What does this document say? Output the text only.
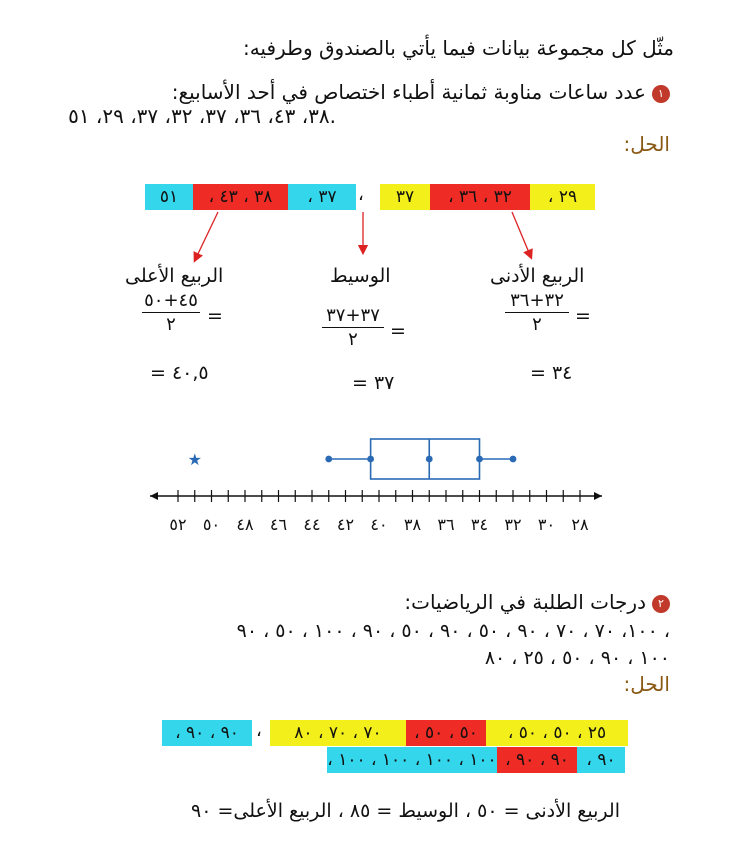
مثّل كل مجموعة بيانات فيما يأتي بالصندوق وطرفيه:
١عدد ساعات مناوبة ثمانية أطباء اختصاص في أحد الأسابيع:
٣٨، ٤٣، ٣٦، ٣٧، ٣٢، ٣٧، ٢٩، ٥١.
الحل:
٥١	٣٨ ، ٤٣ ،	٣٧ ،	،	٣٧	٣٢ ، ٣٦ ،	٢٩ ،
الربيع الأعلى	الوسيط	الربيع الأدنى
٤٥+٥٠
٢	=	٣٧+٣٧
٢	=
٣٢+٣٦
٢	=
٤٠,٥ =	٣٧ =	٣٤ =
٢٨
٣٠
٣٢
٣٤
٣٦
٣٨
٤٠
٤٢
٤٤
٤٦
٤٨
٥٠
٥٢
★
٢درجات الطلبة في الرياضيات:
١٠٠، ٧٠ ، ٧٠ ، ٩٠ ، ٥٠ ، ٩٠ ، ٥٠ ، ٩٠ ، ١٠٠ ، ٥٠ ، ٩٠ ،
١٠٠ ، ٩٠ ، ٥٠ ، ٢٥ ، ٨٠
الحل:
٩٠ ، ٩٠ ، ،	٧٠ ، ٧٠ ، ٨٠	٥٠ ، ٥٠ ،	٢٥ ، ٥٠ ، ٥٠ ،
١٠٠ ، ١٠٠ ، ١٠٠ ، ١٠٠ ، ٩٠ ، ٩٠ ،	٩٠ ،
الربيع الأدنى = ٥٠ ، الوسيط = ٨٥ ، الربيع الأعلى= ٩٠
